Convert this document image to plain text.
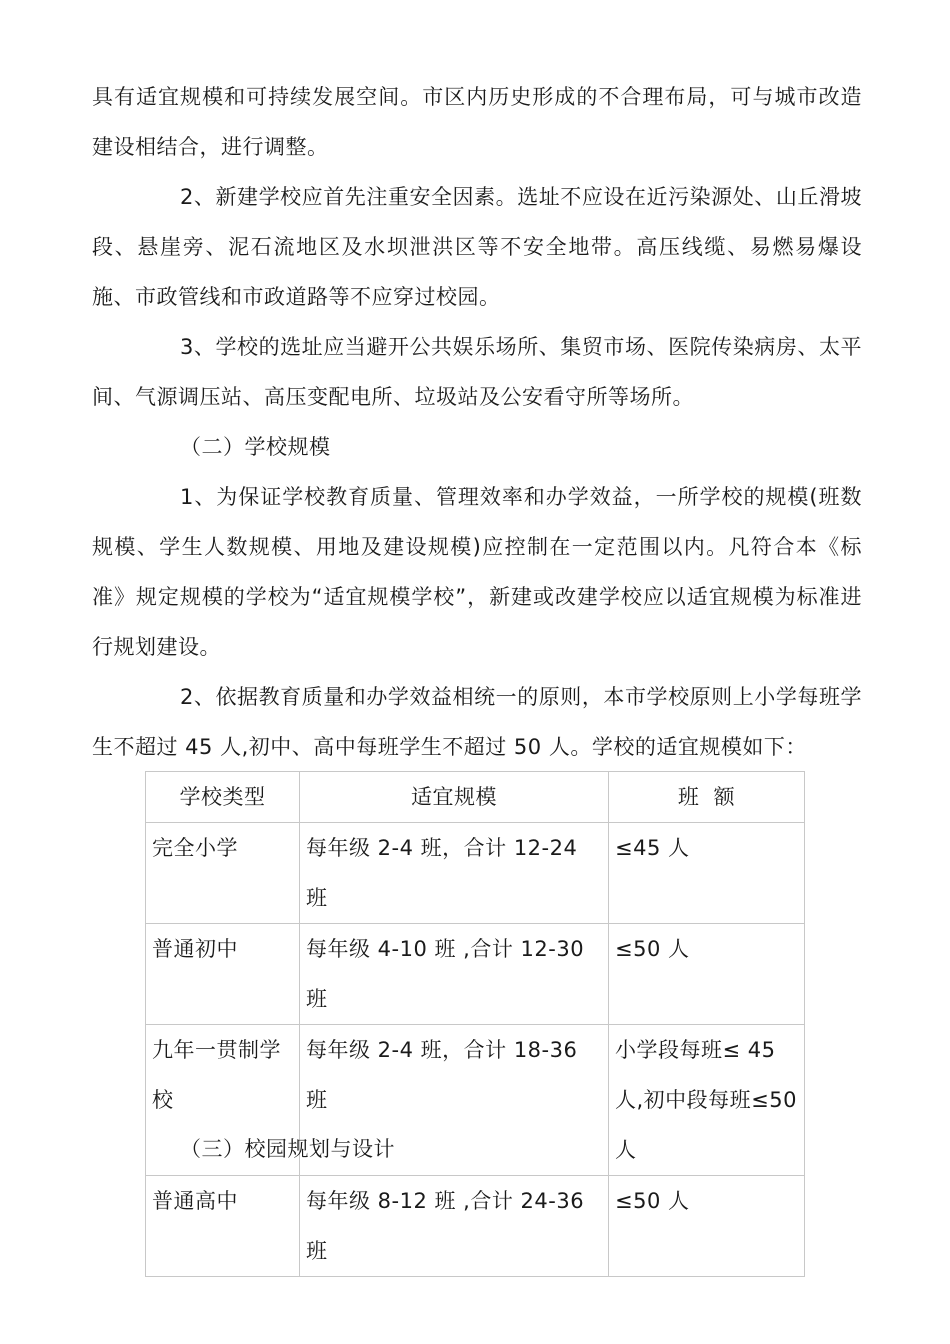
具有适宜规模和可持续发展空间。市区内历史形成的不合理布局，可与城市改造建设相结合，进行调整。

2、新建学校应首先注重安全因素。选址不应设在近污染源处、山丘滑坡段、悬崖旁、泥石流地区及水坝泄洪区等不安全地带。高压线缆、易燃易爆设施、市政管线和市政道路等不应穿过校园。

3、学校的选址应当避开公共娱乐场所、集贸市场、医院传染病房、太平间、气源调压站、高压变配电所、垃圾站及公安看守所等场所。

（二）学校规模

1、为保证学校教育质量、管理效率和办学效益，一所学校的规模(班数规模、学生人数规模、用地及建设规模)应控制在一定范围以内。凡符合本《标准》规定规模的学校为“适宜规模学校”，新建或改建学校应以适宜规模为标准进行规划建设。

2、依据教育质量和办学效益相统一的原则，本市学校原则上小学每班学生不超过 45 人,初中、高中每班学生不超过 50 人。学校的适宜规模如下：

学校类型	适宜规模	班  额
完全小学	每年级 2-4 班，合计 12-24 班	≤45 人
普通初中	每年级 4-10 班 ,合计 12-30 班	≤50 人
九年一贯制学校	每年级 2-4 班，合计 18-36 班	小学段每班≤ 45 人,初中段每班≤50 人
普通高中	每年级 8-12 班 ,合计 24-36 班	≤50 人

（三）校园规划与设计
